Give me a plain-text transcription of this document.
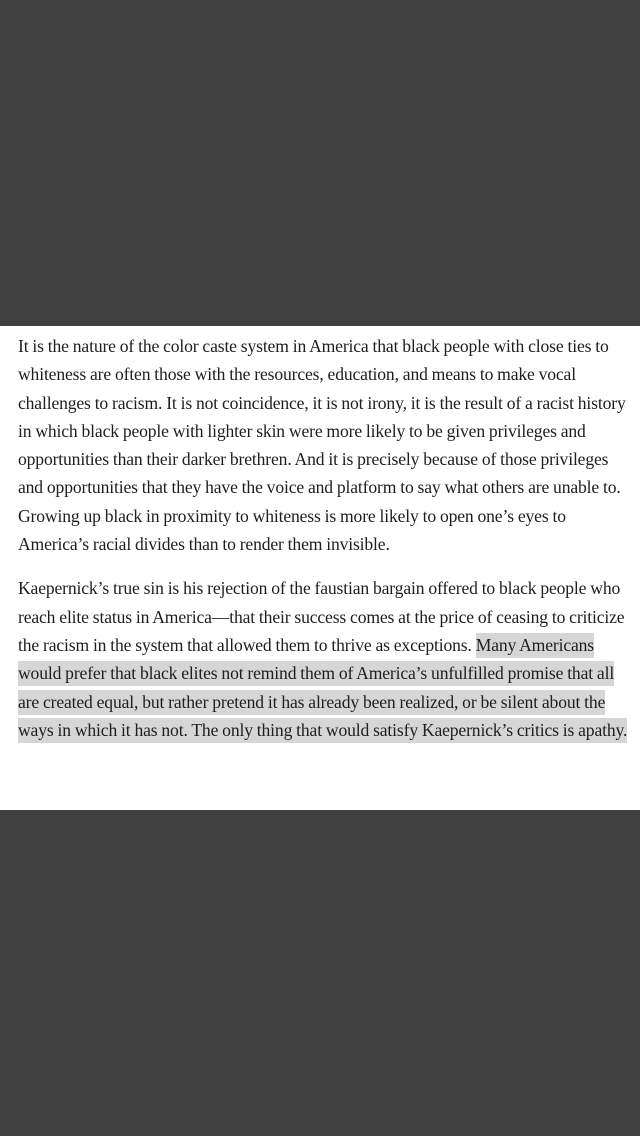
It is the nature of the color caste system in America that black people with close ties to whiteness are often those with the resources, education, and means to make vocal challenges to racism. It is not coincidence, it is not irony, it is the result of a racist history in which black people with lighter skin were more likely to be given privileges and opportunities than their darker brethren. And it is precisely because of those privileges and opportunities that they have the voice and platform to say what others are unable to. Growing up black in proximity to whiteness is more likely to open one’s eyes to America’s racial divides than to render them invisible.

Kaepernick’s true sin is his rejection of the faustian bargain offered to black people who reach elite status in America—that their success comes at the price of ceasing to criticize the racism in the system that allowed them to thrive as exceptions. Many Americans would prefer that black elites not remind them of America’s unfulfilled promise that all are created equal, but rather pretend it has already been realized, or be silent about the ways in which it has not. The only thing that would satisfy Kaepernick’s critics is apathy.
